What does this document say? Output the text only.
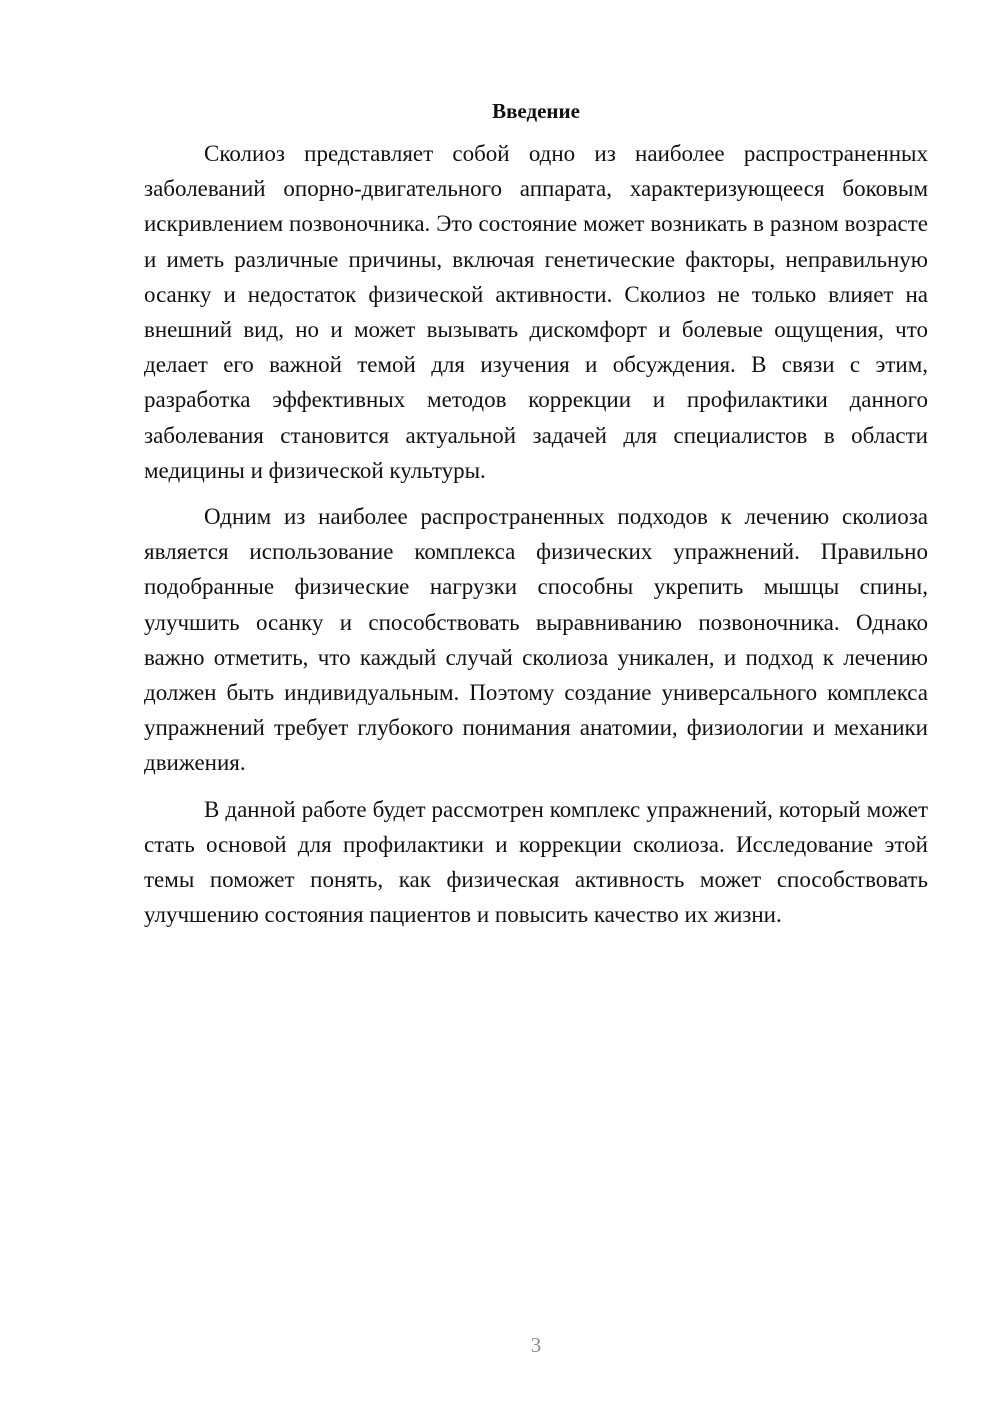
Введение

Сколиоз представляет собой одно из наиболее распространенных заболеваний опорно-двигательного аппарата, характеризующееся боковым искривлением позвоночника. Это состояние может возникать в разном возрасте и иметь различные причины, включая генетические факторы, неправильную осанку и недостаток физической активности. Сколиоз не только влияет на внешний вид, но и может вызывать дискомфорт и болевые ощущения, что делает его важной темой для изучения и обсуждения. В связи с этим, разработка эффективных методов коррекции и профилактики данного заболевания становится актуальной задачей для специалистов в области медицины и физической культуры.

Одним из наиболее распространенных подходов к лечению сколиоза является использование комплекса физических упражнений. Правильно подобранные физические нагрузки способны укрепить мышцы спины, улучшить осанку и способствовать выравниванию позвоночника. Однако важно отметить, что каждый случай сколиоза уникален, и подход к лечению должен быть индивидуальным. Поэтому создание универсального комплекса упражнений требует глубокого понимания анатомии, физиологии и механики движения.

В данной работе будет рассмотрен комплекс упражнений, который может стать основой для профилактики и коррекции сколиоза. Исследование этой темы поможет понять, как физическая активность может способствовать улучшению состояния пациентов и повысить качество их жизни.

3
